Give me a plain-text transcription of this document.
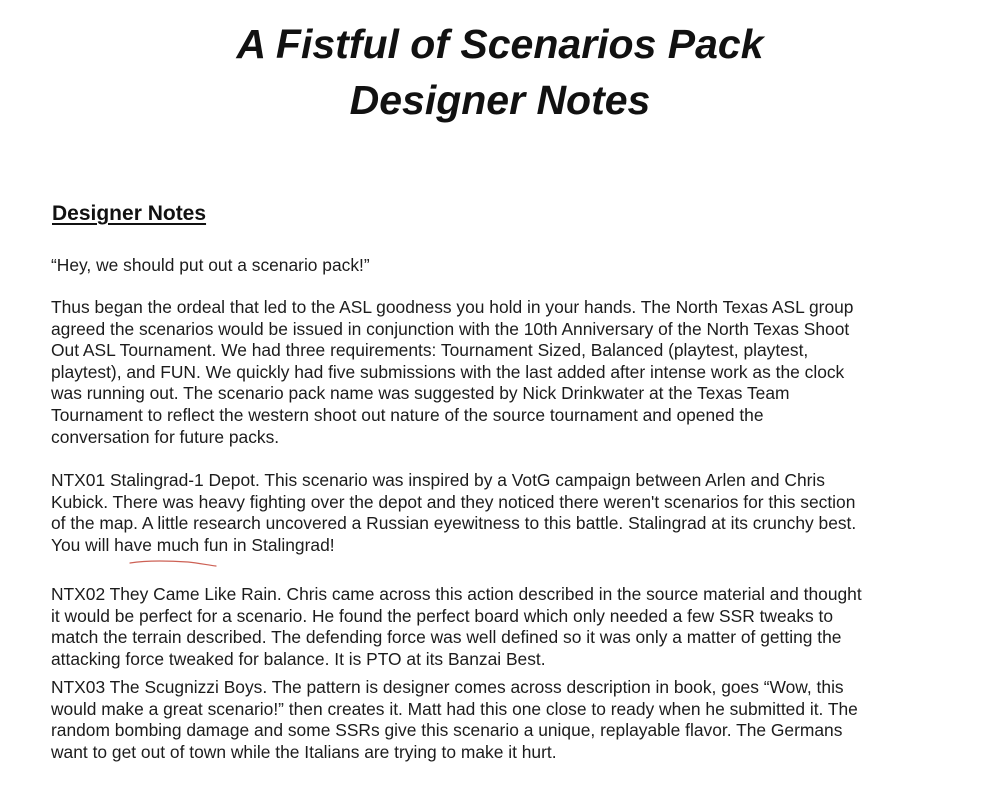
A Fistful of Scenarios Pack
Designer Notes
Designer Notes

“Hey, we should put out a scenario pack!”

Thus began the ordeal that led to the ASL goodness you hold in your hands. The North Texas ASL group
agreed the scenarios would be issued in conjunction with the 10th Anniversary of the North Texas Shoot
Out ASL Tournament. We had three requirements: Tournament Sized, Balanced (playtest, playtest,
playtest), and FUN. We quickly had five submissions with the last added after intense work as the clock
was running out. The scenario pack name was suggested by Nick Drinkwater at the Texas Team
Tournament to reflect the western shoot out nature of the source tournament and opened the
conversation for future packs.

NTX01 Stalingrad-1 Depot. This scenario was inspired by a VotG campaign between Arlen and Chris
Kubick. There was heavy fighting over the depot and they noticed there weren't scenarios for this section
of the map. A little research uncovered a Russian eyewitness to this battle. Stalingrad at its crunchy best.
You will have much fun in Stalingrad!

NTX02 They Came Like Rain. Chris came across this action described in the source material and thought
it would be perfect for a scenario. He found the perfect board which only needed a few SSR tweaks to
match the terrain described. The defending force was well defined so it was only a matter of getting the
attacking force tweaked for balance. It is PTO at its Banzai Best.

NTX03 The Scugnizzi Boys. The pattern is designer comes across description in book, goes “Wow, this
would make a great scenario!” then creates it. Matt had this one close to ready when he submitted it. The
random bombing damage and some SSRs give this scenario a unique, replayable flavor. The Germans
want to get out of town while the Italians are trying to make it hurt.
